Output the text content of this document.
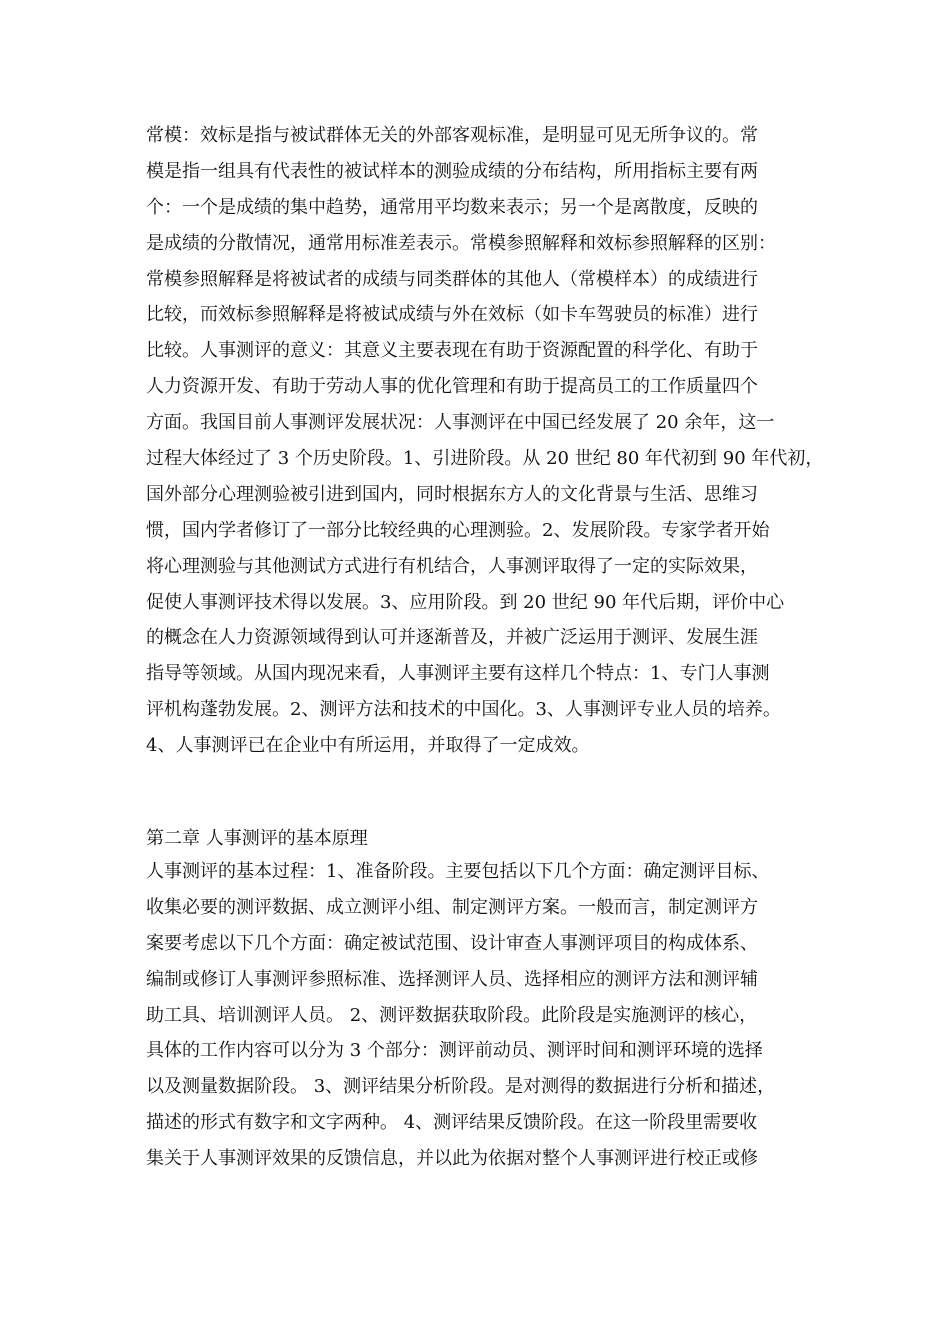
常模：效标是指与被试群体无关的外部客观标准，是明显可见无所争议的。常
模是指一组具有代表性的被试样本的测验成绩的分布结构，所用指标主要有两
个：一个是成绩的集中趋势，通常用平均数来表示；另一个是离散度，反映的
是成绩的分散情况，通常用标准差表示。常模参照解释和效标参照解释的区别：
常模参照解释是将被试者的成绩与同类群体的其他人（常模样本）的成绩进行
比较，而效标参照解释是将被试成绩与外在效标（如卡车驾驶员的标准）进行
比较。人事测评的意义：其意义主要表现在有助于资源配置的科学化、有助于
人力资源开发、有助于劳动人事的优化管理和有助于提高员工的工作质量四个
方面。我国目前人事测评发展状况：人事测评在中国已经发展了 20 余年，这一
过程大体经过了 3 个历史阶段。1、引进阶段。从 20 世纪 80 年代初到 90 年代初，
国外部分心理测验被引进到国内，同时根据东方人的文化背景与生活、思维习
惯，国内学者修订了一部分比较经典的心理测验。2、发展阶段。专家学者开始
将心理测验与其他测试方式进行有机结合，人事测评取得了一定的实际效果，
促使人事测评技术得以发展。3、应用阶段。到 20 世纪 90 年代后期，评价中心
的概念在人力资源领域得到认可并逐渐普及，并被广泛运用于测评、发展生涯
指导等领域。从国内现况来看，人事测评主要有这样几个特点：1、专门人事测
评机构蓬勃发展。2、测评方法和技术的中国化。3、人事测评专业人员的培养。
4、人事测评已在企业中有所运用，并取得了一定成效。
第二章 人事测评的基本原理
人事测评的基本过程：1、准备阶段。主要包括以下几个方面：确定测评目标、
收集必要的测评数据、成立测评小组、制定测评方案。一般而言，制定测评方
案要考虑以下几个方面：确定被试范围、设计审查人事测评项目的构成体系、
编制或修订人事测评参照标准、选择测评人员、选择相应的测评方法和测评辅
助工具、培训测评人员。 2、测评数据获取阶段。此阶段是实施测评的核心，
具体的工作内容可以分为 3 个部分：测评前动员、测评时间和测评环境的选择
以及测量数据阶段。 3、测评结果分析阶段。是对测得的数据进行分析和描述，
描述的形式有数字和文字两种。 4、测评结果反馈阶段。在这一阶段里需要收
集关于人事测评效果的反馈信息，并以此为依据对整个人事测评进行校正或修
